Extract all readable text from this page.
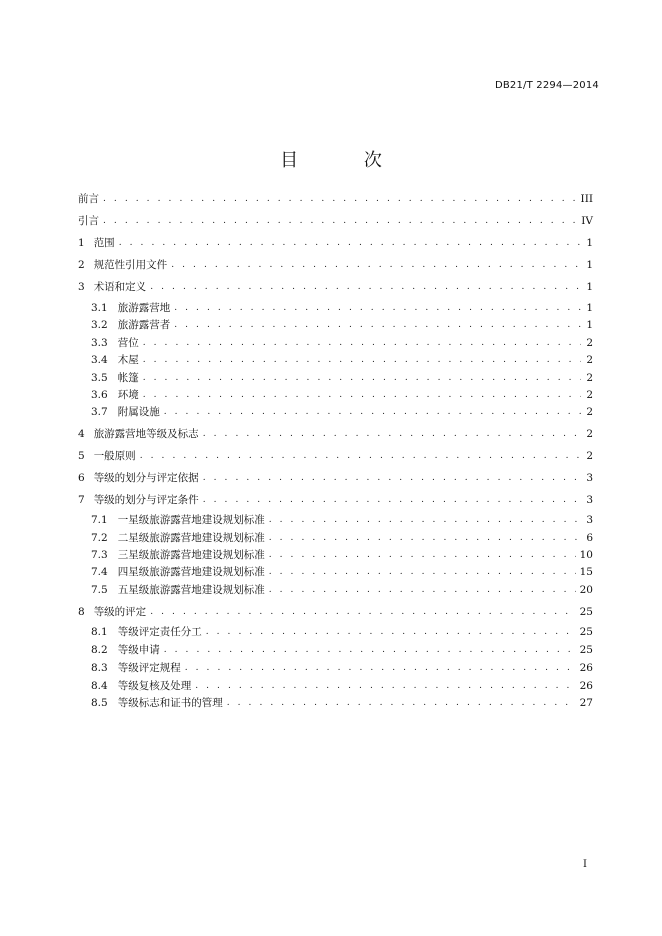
DB21/T 2294—2014
目 次
前言 . . .	III
引言 . . .	IV
1 范围 . . .	1
2 规范性引用文件 . . .	1
3 术语和定义 . . .	1
3.1 旅游露营地 . . .	1
3.2 旅游露营者 . . .	1
3.3 营位 . . .	2
3.4 木屋 . . .	2
3.5 帐篷 . . .	2
3.6 环境 . . .	2
3.7 附属设施 . . .	2
4 旅游露营地等级及标志 . . .	2
5 一般原则 . . .	2
6 等级的划分与评定依据 . . .	3
7 等级的划分与评定条件 . . .	3
7.1 一星级旅游露营地建设规划标准 . . .	3
7.2 二星级旅游露营地建设规划标准 . . .	6
7.3 三星级旅游露营地建设规划标准 . . .	10
7.4 四星级旅游露营地建设规划标准 . . .	15
7.5 五星级旅游露营地建设规划标准 . . .	20
8 等级的评定 . . .	25
8.1 等级评定责任分工 . . .	25
8.2 等级申请 . . .	25
8.3 等级评定规程 . . .	26
8.4 等级复核及处理 . . .	26
8.5 等级标志和证书的管理 . . .	27
I
